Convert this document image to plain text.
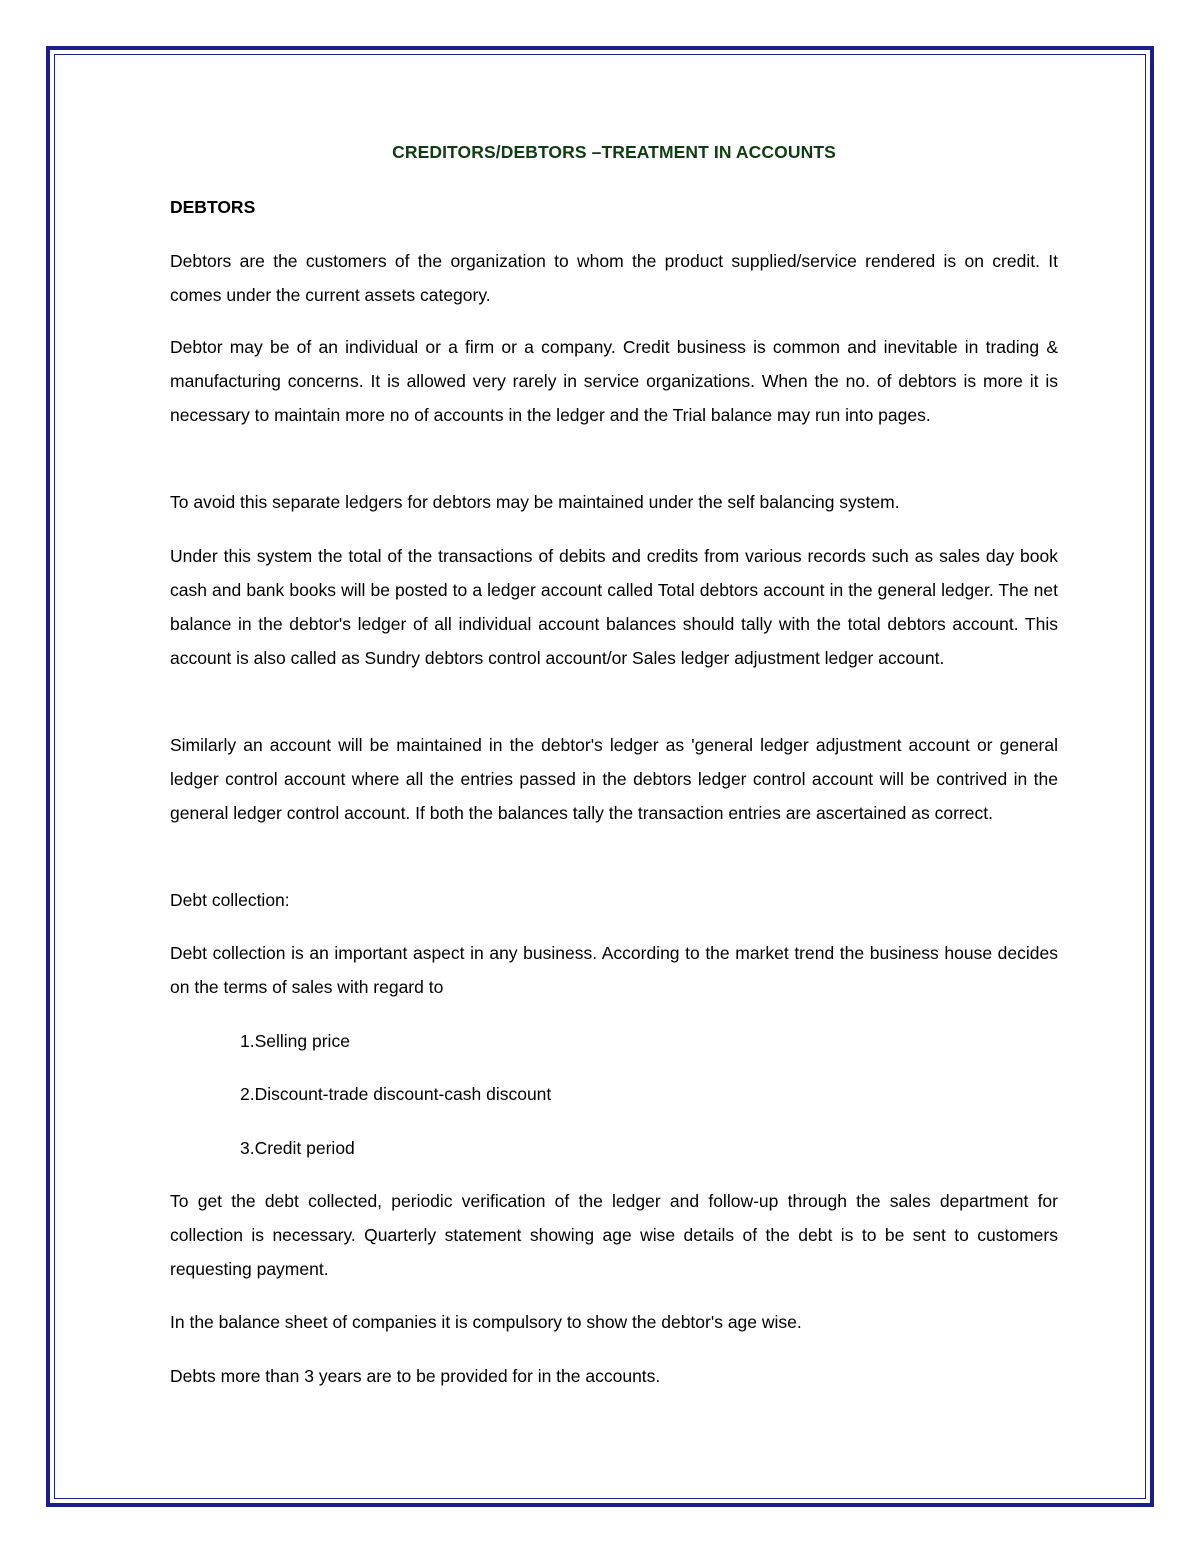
CREDITORS/DEBTORS –TREATMENT IN ACCOUNTS
DEBTORS

Debtors are the customers of the organization to whom the product supplied/service rendered is on credit. It comes under the current assets category.

Debtor may be of an individual or a firm or a company. Credit business is common and inevitable in trading & manufacturing concerns. It is allowed very rarely in service organizations. When the no. of debtors is more it is necessary to maintain more no of accounts in the ledger and the Trial balance may run into pages.

To avoid this separate ledgers for debtors may be maintained under the self balancing system.

Under this system the total of the transactions of debits and credits from various records such as sales day book cash and bank books will be posted to a ledger account called Total debtors account in the general ledger. The net balance in the debtor's ledger of all individual account balances should tally with the total debtors account. This account is also called as Sundry debtors control account/or Sales ledger adjustment ledger account.

Similarly an account will be maintained in the debtor's ledger as 'general ledger adjustment account or general ledger control account where all the entries passed in the debtors ledger control account will be contrived in the general ledger control account. If both the balances tally the transaction entries are ascertained as correct.

Debt collection:

Debt collection is an important aspect in any business. According to the market trend the business house decides on the terms of sales with regard to

1.Selling price
2.Discount-trade discount-cash discount
3.Credit period

To get the debt collected, periodic verification of the ledger and follow-up through the sales department for collection is necessary. Quarterly statement showing age wise details of the debt is to be sent to customers requesting payment.

In the balance sheet of companies it is compulsory to show the debtor's age wise.

Debts more than 3 years are to be provided for in the accounts.
